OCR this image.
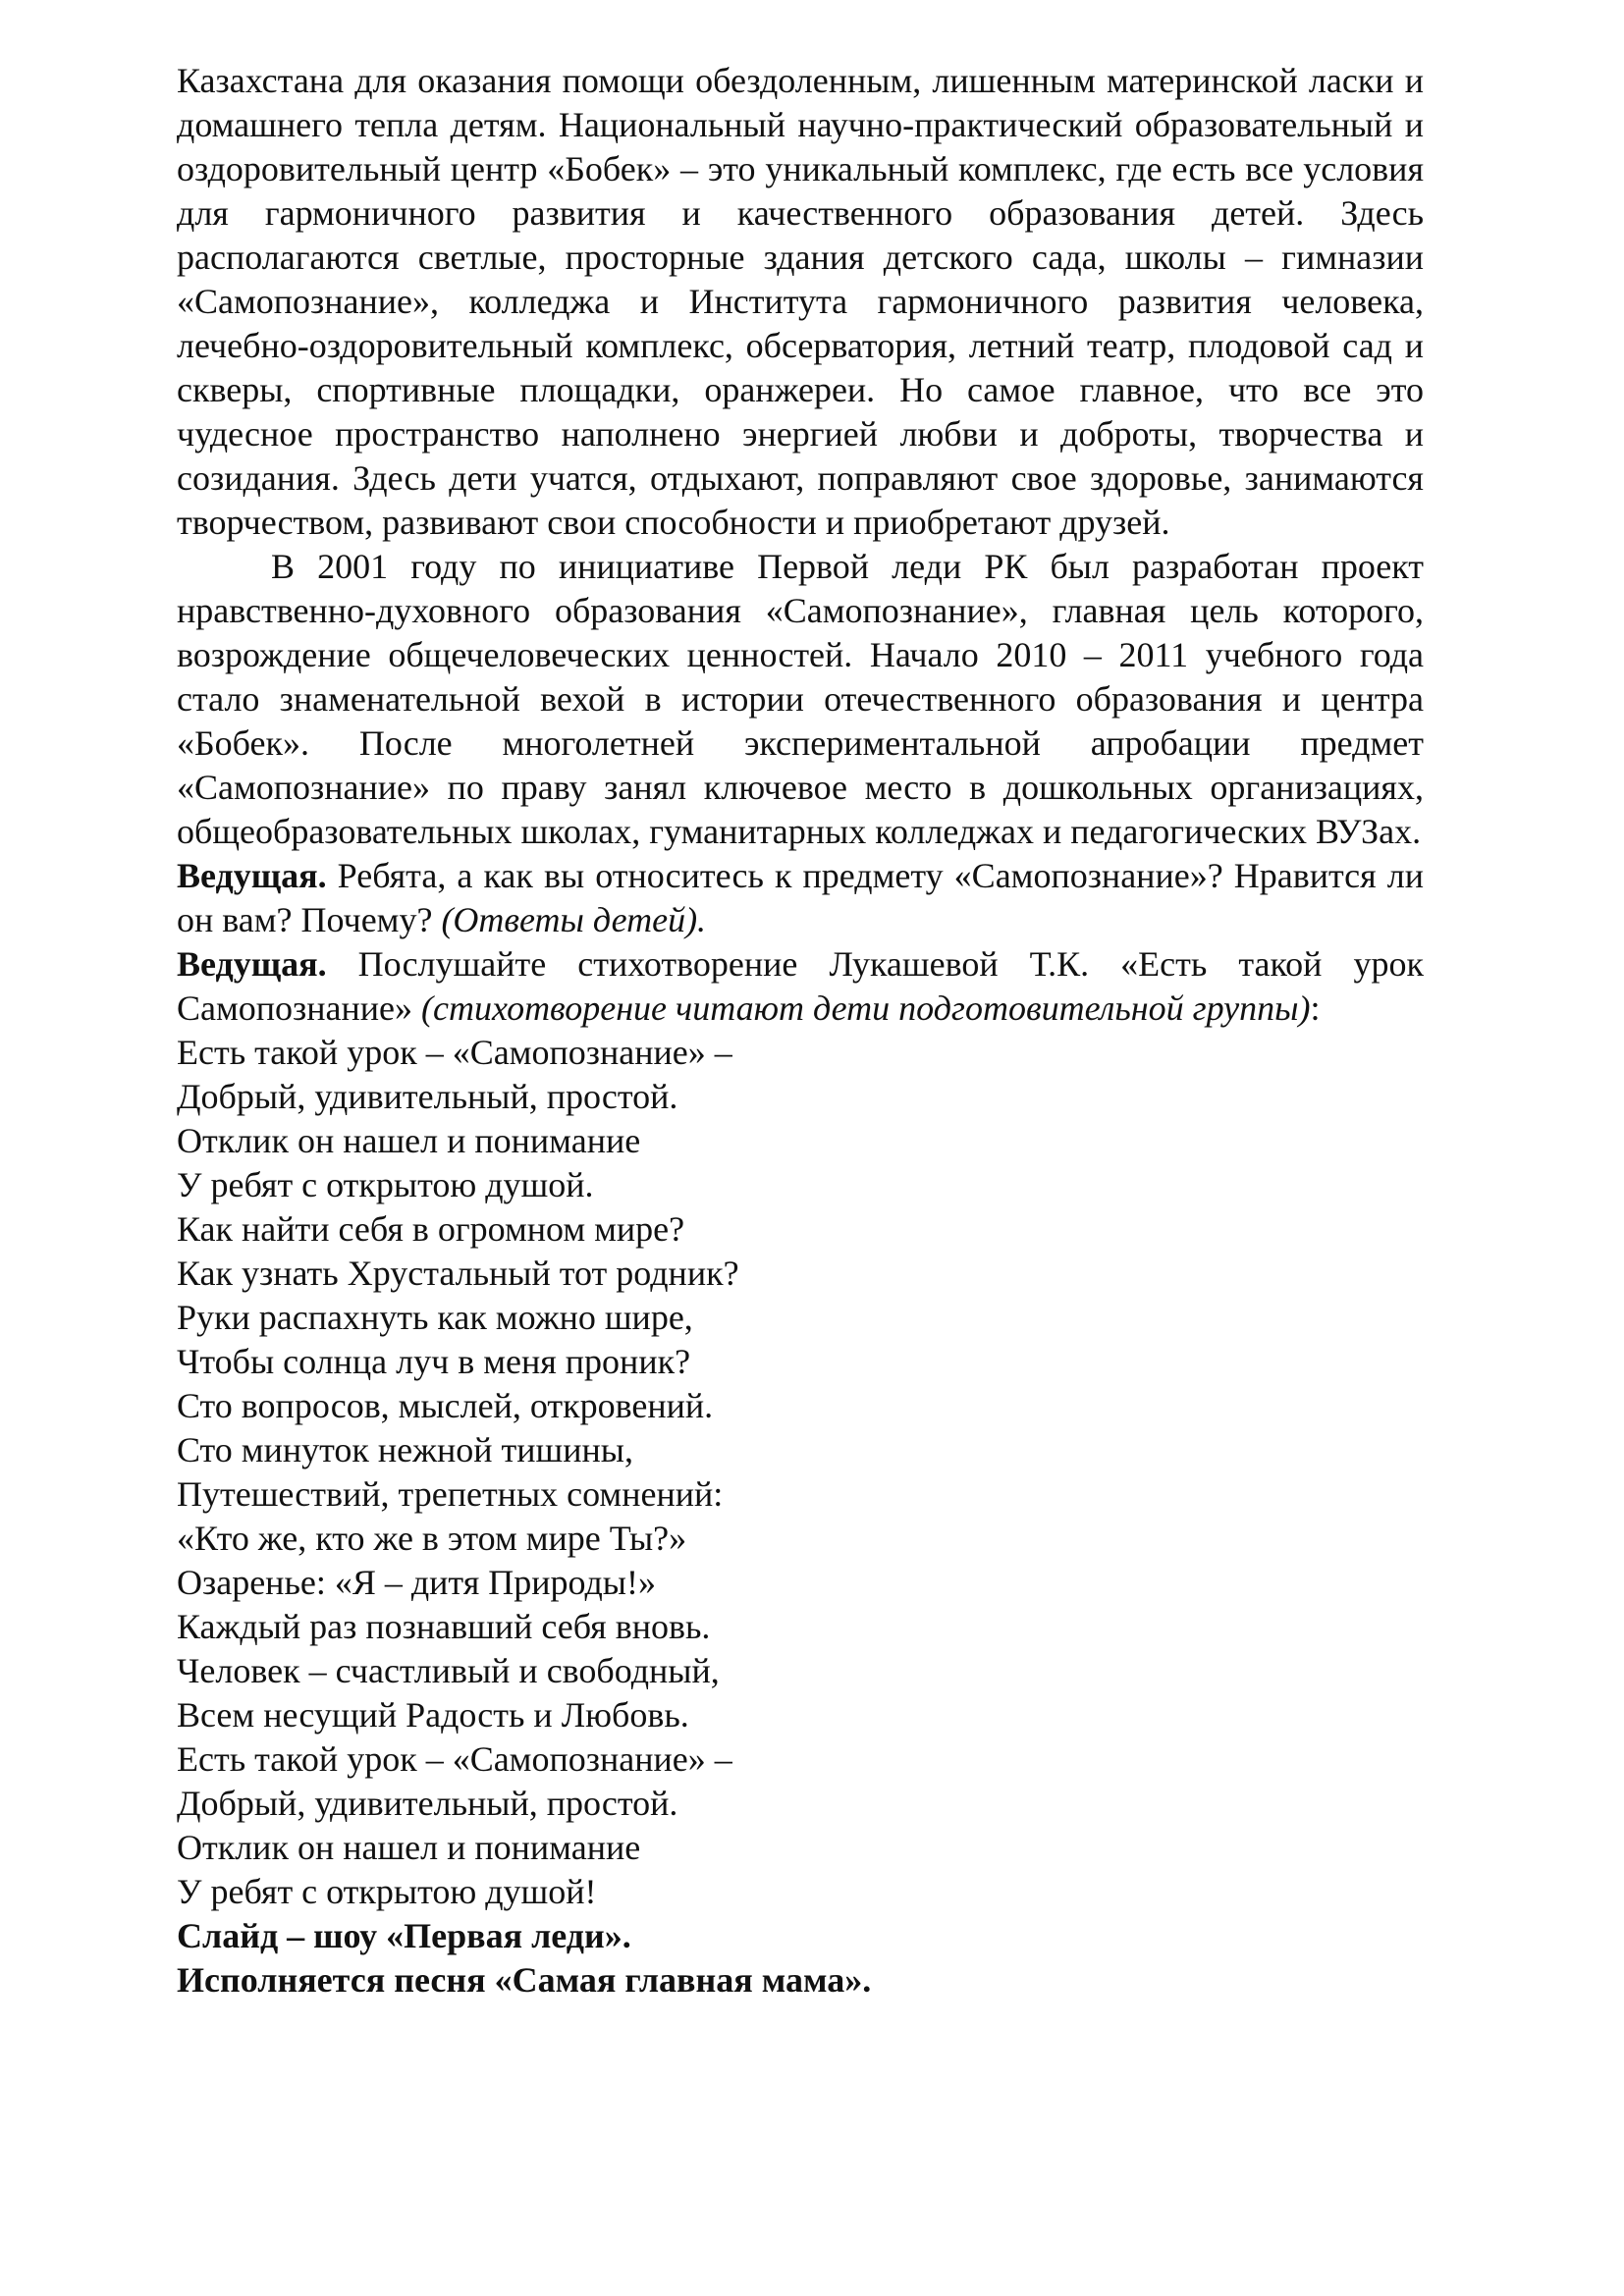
Казахстана для оказания помощи обездоленным, лишенным материнской ласки и домашнего тепла детям. Национальный научно-практический образовательный и оздоровительный центр «Бобек» – это уникальный комплекс, где есть все условия для гармоничного развития и качественного образования детей. Здесь располагаются светлые, просторные здания детского сада, школы – гимназии «Самопознание», колледжа и Института гармоничного развития человека, лечебно-оздоровительный комплекс, обсерватория, летний театр, плодовой сад и скверы, спортивные площадки, оранжереи. Но самое главное, что все это чудесное пространство наполнено энергией любви и доброты, творчества и созидания. Здесь дети учатся, отдыхают, поправляют свое здоровье, занимаются творчеством, развивают свои способности и приобретают друзей.

В 2001 году по инициативе Первой леди РК был разработан проект нравственно-духовного образования «Самопознание», главная цель которого, возрождение общечеловеческих ценностей. Начало 2010 – 2011 учебного года стало знаменательной вехой в истории отечественного образования и центра «Бобек». После многолетней экспериментальной апробации предмет «Самопознание» по праву занял ключевое место в дошкольных организациях, общеобразовательных школах, гуманитарных колледжах и педагогических ВУЗах.

Ведущая. Ребята, а как вы относитесь к предмету «Самопознание»? Нравится ли он вам? Почему? (Ответы детей).

Ведущая. Послушайте стихотворение Лукашевой Т.К. «Есть такой урок Самопознание» (стихотворение читают дети подготовительной группы):

Есть такой урок – «Самопознание» –

Добрый, удивительный, простой.

Отклик он нашел и понимание

У ребят с открытою душой.

Как найти себя в огромном мире?

Как узнать Хрустальный тот родник?

Руки распахнуть как можно шире,

Чтобы солнца луч в меня проник?

Сто вопросов, мыслей, откровений.

Сто минуток нежной тишины,

Путешествий, трепетных сомнений:

«Кто же, кто же в этом мире Ты?»

Озаренье: «Я – дитя Природы!»

Каждый раз познавший себя вновь.

Человек – счастливый и свободный,

Всем несущий Радость и Любовь.

Есть такой урок – «Самопознание» –

Добрый, удивительный, простой.

Отклик он нашел и понимание

У ребят с открытою душой!

Слайд – шоу «Первая леди».

Исполняется песня «Самая главная мама».
